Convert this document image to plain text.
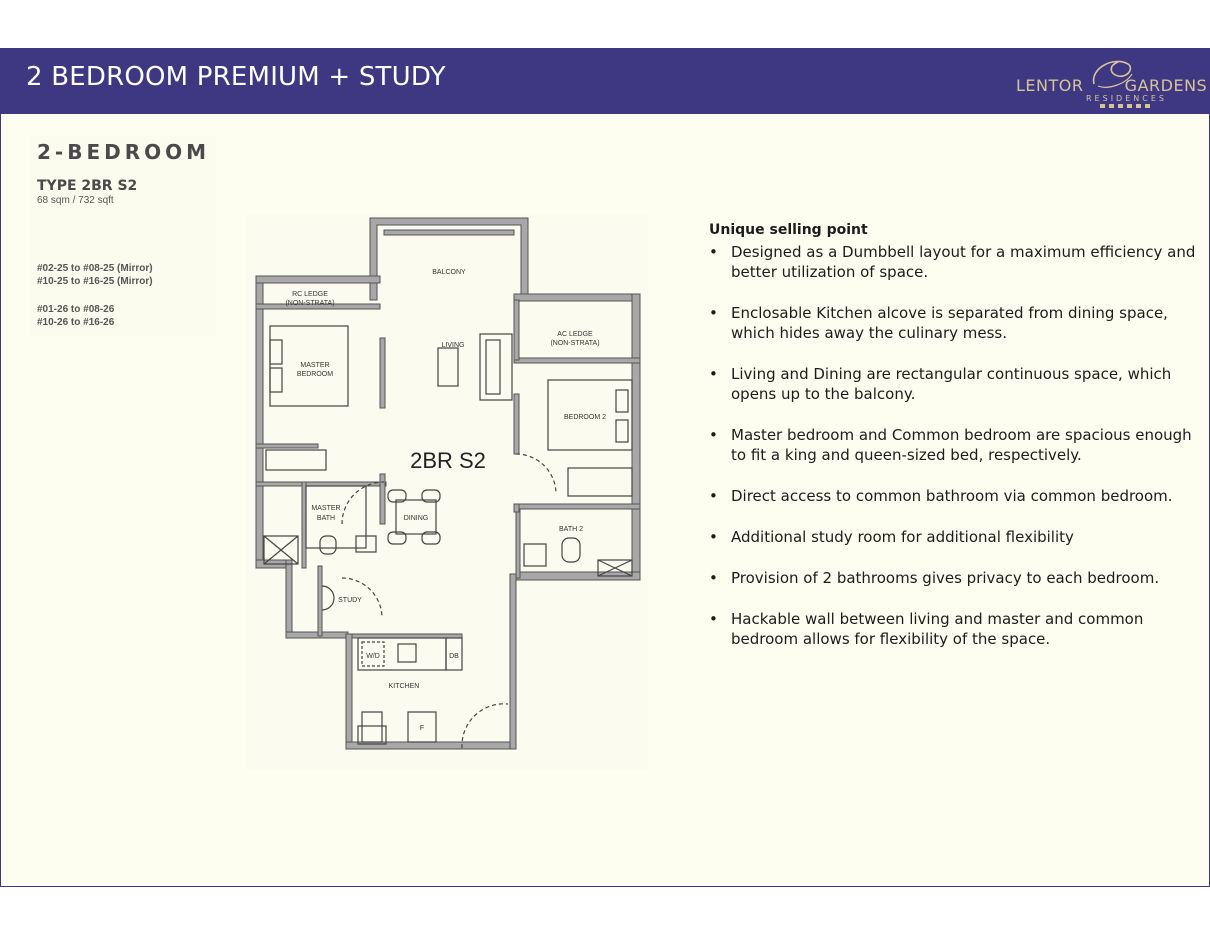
2 BEDROOM PREMIUM + STUDY	LENTOR	GARDENS
RESIDENCES
2-BEDROOM
TYPE 2BR S2
68 sqm / 732 sqft
#02-25 to #08-25 (Mirror)
#10-25 to #16-25 (Mirror)
#01-26 to #08-26
#10-26 to #16-26
BALCONY
RC LEDGE
(NON-STRATA)
AC LEDGE
(NON-STRATA)
LIVING
MASTER
BEDROOM
BEDROOM 2
MASTER
BATH	DINING
BATH 2
STUDY
W/D	DB
KITCHEN
F
2BR S2
Unique selling point
• Designed as a Dumbbell layout for a maximum efficiency and better utilization of space.
• Enclosable Kitchen alcove is separated from dining space, which hides away the culinary mess.
• Living and Dining are rectangular continuous space, which opens up to the balcony.
• Master bedroom and Common bedroom are spacious enough to fit a king and queen-sized bed, respectively.
• Direct access to common bathroom via common bedroom.
• Additional study room for additional flexibility
• Provision of 2 bathrooms gives privacy to each bedroom.
• Hackable wall between living and master and common bedroom allows for flexibility of the space.
